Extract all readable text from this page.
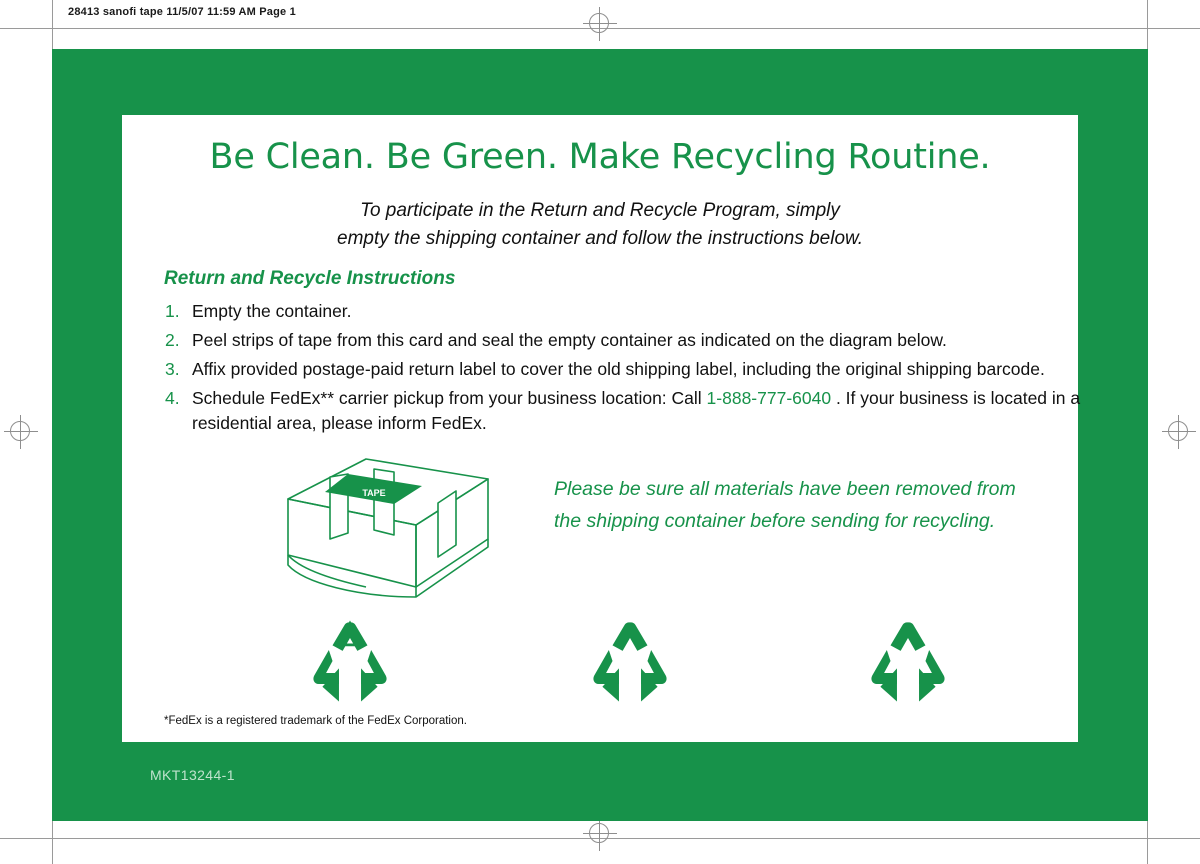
28413 sanofi tape 11/5/07 11:59 AM Page 1
MKT13244-1
Be Clean. Be Green. Make Recycling Routine.
To participate in the Return and Recycle Program, simply
empty the shipping container and follow the instructions below.
Return and Recycle Instructions
1. Empty the container.
2. Peel strips of tape from this card and seal the empty container as indicated on the diagram below.
3. Affix provided postage-paid return label to cover the old shipping label, including the original shipping barcode.
4. Schedule FedEx** carrier pickup from your business location: Call 1-888-777-6040 . If your business is located in a residential area, please inform FedEx.
TAPE	Please be sure all materials have been removed from
the shipping container before sending for recycling.
*FedEx is a registered trademark of the FedEx Corporation.
